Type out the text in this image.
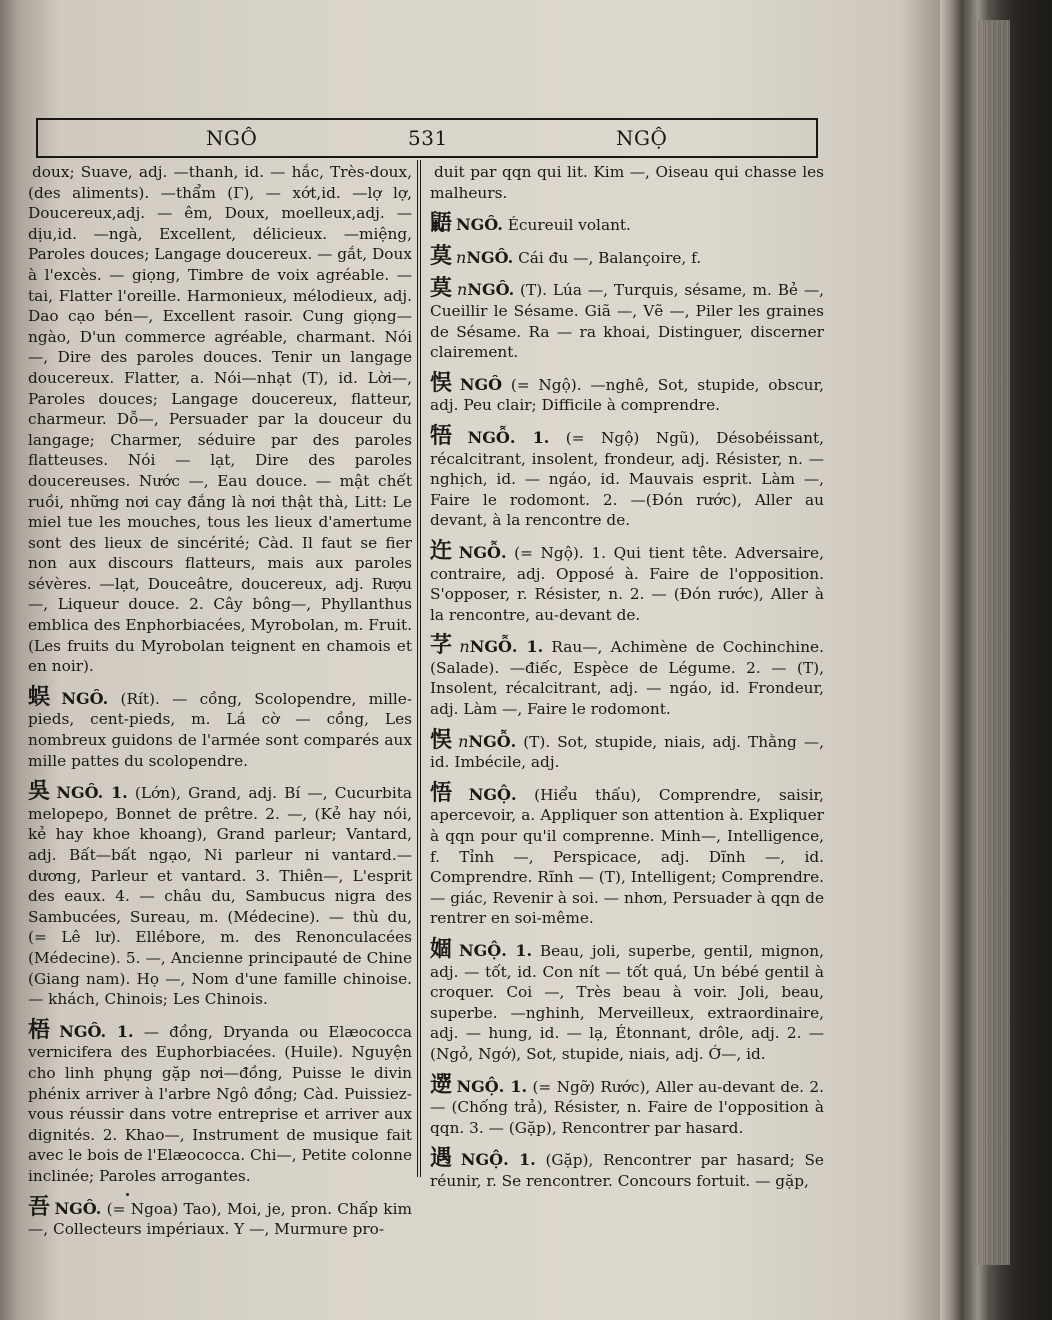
NGÔ	531	NGỘ

doux; Suave, adj. —thanh, id. — hắc, Très-doux, (des aliments). —thẩm (Г), — xớt,id. —lợ lợ, Doucereux,adj. — êm, Doux, moelleux,adj. — dịu,id. —ngà, Excellent, délicieux. —miệng, Paroles douces; Langage doucereux. — gắt, Doux à l'excès. — giọng, Timbre de voix agréable. — tai, Flatter l'oreille. Harmonieux, mélodieux, adj. Dao cạo bén—, Excellent rasoir. Cung giọng—ngào, D'un commerce agréable, charmant. Nói—, Dire des paroles douces. Tenir un langage doucereux. Flatter, a. Nói—nhạt (T), id. Lời—, Paroles douces; Langage doucereux, flatteur, charmeur. Dỗ—, Persuader par la douceur du langage; Charmer, séduire par des paroles flatteuses. Nói — lạt, Dire des paroles doucereuses. Nước —, Eau douce. — mật chết ruồi, những nơi cay đắng là nơi thật thà, Litt: Le miel tue les mouches, tous les lieux d'amertume sont des lieux de sincérité; Càd. Il faut se fier non aux discours flatteurs, mais aux paroles sévères. —lạt, Douceâtre, doucereux, adj. Rượu—, Liqueur douce. 2. Cây bông—, Phyllanthus emblica des Enphorbiacées, Myrobolan, m. Fruit. (Les fruits du Myrobolan teignent en chamois et en noir).

蜈 NGÔ. (Rít). — cồng, Scolopendre, mille-pieds, cent-pieds, m. Lá cờ — cồng, Les nombreux guidons de l'armée sont comparés aux mille pattes du scolopendre.

吳 NGÔ. 1. (Lớn), Grand, adj. Bí —, Cucurbita melopepo, Bonnet de prêtre. 2. —, (Kẻ hay nói, kẻ hay khoe khoang), Grand parleur; Vantard, adj. Bất—bất ngạo, Ni parleur ni vantard.—dương, Parleur et vantard. 3. Thiên—, L'esprit des eaux. 4. — châu du, Sambucus nigra des Sambucées, Sureau, m. (Médecine). — thù du, (= Lê lư). Ellébore, m. des Renonculacées (Médecine). 5. —, Ancienne principauté de Chine (Giang nam). Họ —, Nom d'une famille chinoise. — khách, Chinois; Les Chinois.

梧 NGÔ. 1. — đồng, Dryanda ou Elæococca vernicifera des Euphorbiacées. (Huile). Nguyện cho linh phụng gặp nơi—đồng, Puisse le divin phénix arriver à l'arbre Ngô đồng; Càd. Puissiez-vous réussir dans votre entreprise et arriver aux dignités. 2. Khao—, Instrument de musique fait avec le bois de l'Elæococca. Chi—, Petite colonne inclinée; Paroles arrogantes.

吾 NGÔ. (= Ngoa) Tao), Moi, je, pron. Chấp kim —, Collecteurs impériaux. Y —, Murmure pro-

duit par qqn qui lit. Kim —, Oiseau qui chasse les malheurs.

鼯 NGÔ. Écureuil volant.

莫 nNGÔ. Cái đu —, Balançoire, f.

莫 nNGÔ. (T). Lúa —, Turquis, sésame, m. Bẻ —, Cueillir le Sésame. Giã —, Vẽ —, Piler les graines de Sésame. Ra — ra khoai, Distinguer, discerner clairement.

悮 NGÔ (= Ngộ). —nghê, Sot, stupide, obscur, adj. Peu clair; Difficile à comprendre.

牾 NGỖ. 1. (= Ngộ) Ngũ), Désobéissant, récalcitrant, insolent, frondeur, adj. Résister, n. — nghịch, id. — ngáo, id. Mauvais esprit. Làm —, Faire le rodomont. 2. —(Đón rước), Aller au devant, à la rencontre de.

迕 NGỖ. (= Ngộ). 1. Qui tient tête. Adversaire, contraire, adj. Opposé à. Faire de l'opposition. S'opposer, r. Résister, n. 2. — (Đón rước), Aller à la rencontre, au-devant de.

芓 nNGỖ. 1. Rau—, Achimène de Cochinchine. (Salade). —điếc, Espèce de Légume. 2. — (T), Insolent, récalcitrant, adj. — ngáo, id. Frondeur, adj. Làm —, Faire le rodomont.

悮 nNGỖ. (T). Sot, stupide, niais, adj. Thằng —, id. Imbécile, adj.

悟 NGỘ. (Hiểu thấu), Comprendre, saisir, apercevoir, a. Appliquer son attention à. Expliquer à qqn pour qu'il comprenne. Minh—, Intelligence, f. Tỉnh —, Perspicace, adj. Dĩnh —, id. Comprendre. Rĩnh — (T), Intelligent; Comprendre. — giác, Revenir à soi. — nhơn, Persuader à qqn de rentrer en soi-même.

婟 NGỘ. 1. Beau, joli, superbe, gentil, mignon, adj. — tốt, id. Con nít — tốt quá, Un bébé gentil à croquer. Coi —, Très beau à voir. Joli, beau, superbe. —nghinh, Merveilleux, extraordinaire, adj. — hung, id. — lạ, Étonnant, drôle, adj. 2. —(Ngỏ, Ngớ), Sot, stupide, niais, adj. Ớ—, id.

遻 NGỘ. 1. (= Ngỡ) Rước), Aller au-devant de. 2. — (Chống trả), Résister, n. Faire de l'opposition à qqn. 3. — (Gặp), Rencontrer par hasard.

遇 NGỘ. 1. (Gặp), Rencontrer par hasard; Se réunir, r. Se rencontrer. Concours fortuit. — gặp,
